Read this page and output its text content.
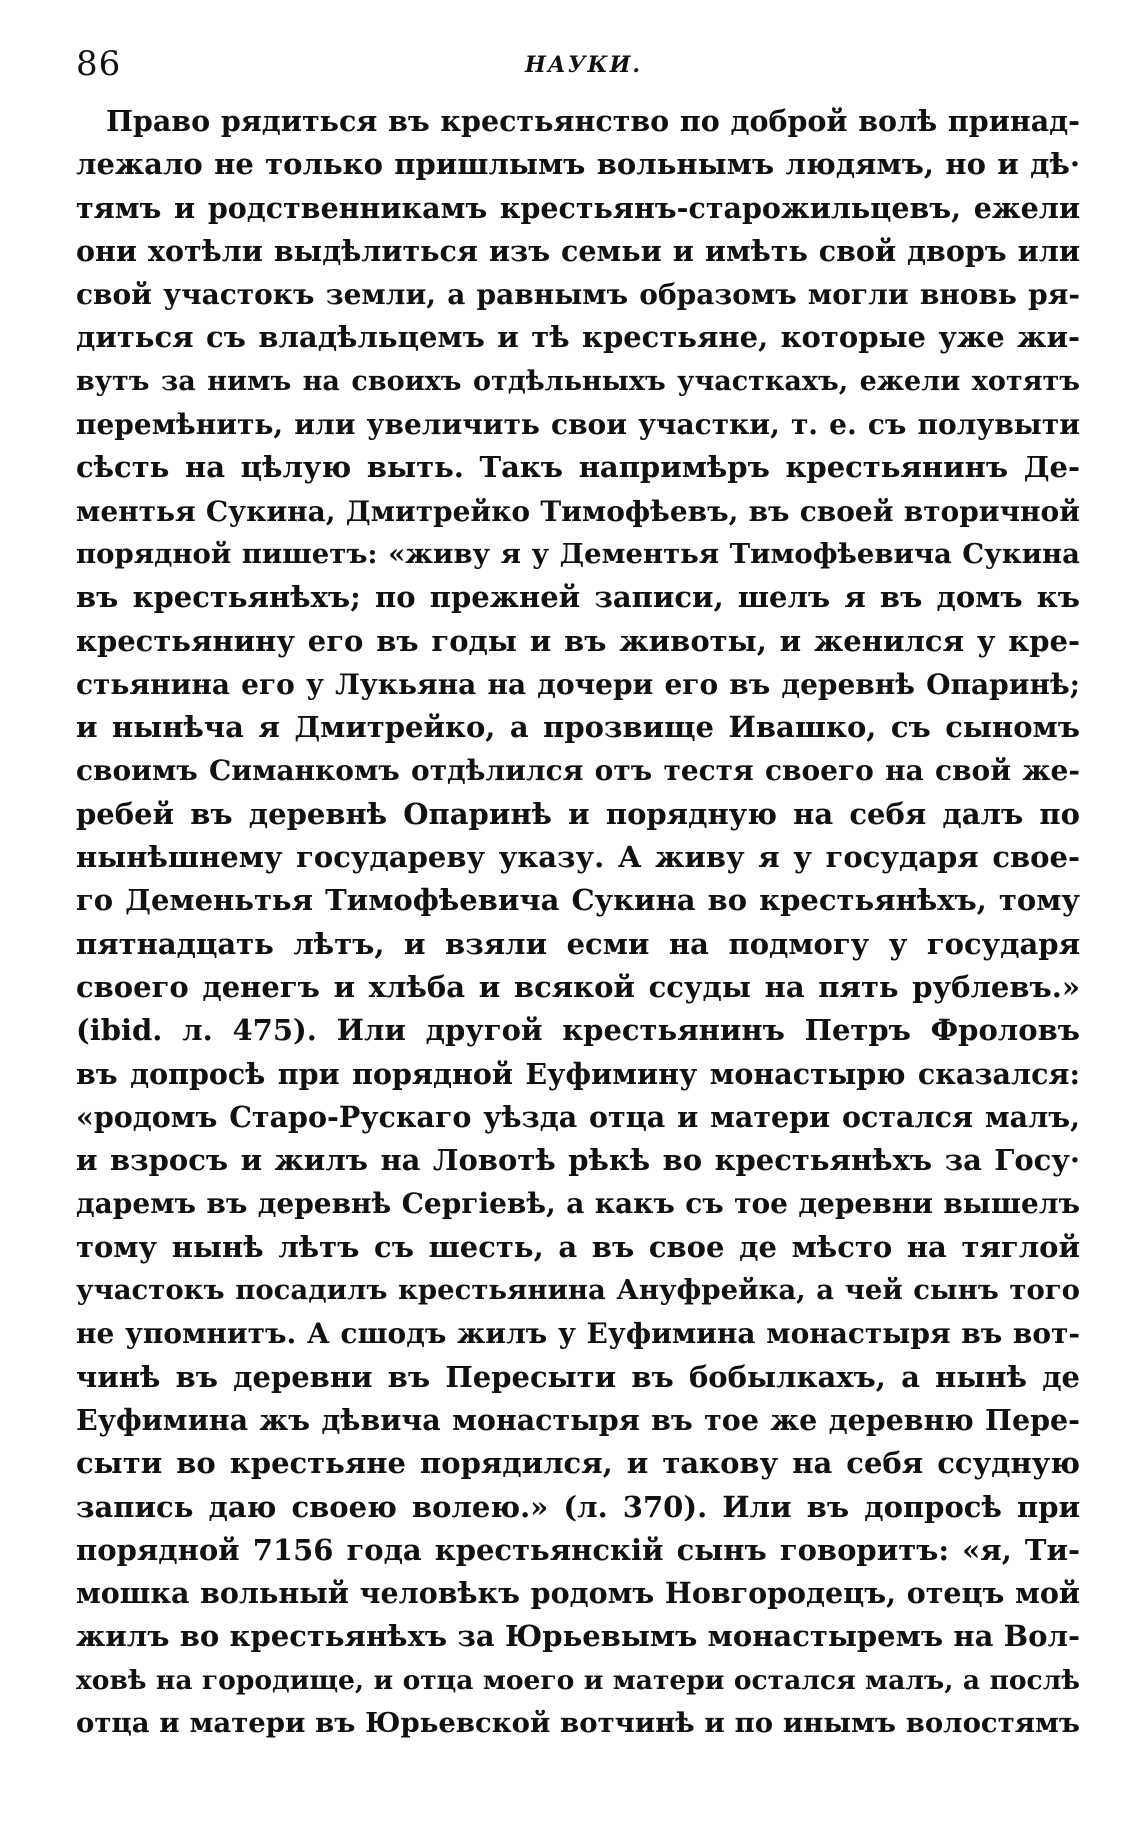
86	НАУКИ.
Право рядиться въ крестьянство по доброй волѣ принад-
лежало не только пришлымъ вольнымъ людямъ, но и дѣ·
тямъ и родственникамъ крестьянъ-старожильцевъ, ежели
они хотѣли выдѣлиться изъ семьи и имѣть свой дворъ или
свой участокъ земли, а равнымъ образомъ могли вновь ря-
диться съ владѣльцемъ и тѣ крестьяне, которые уже жи-
вутъ за нимъ на своихъ отдѣльныхъ участкахъ, ежели хотятъ
перемѣнить, или увеличить свои участки, т. е. съ полувыти
сѣсть на цѣлую выть. Такъ напримѣръ крестьянинъ Де-
ментья Сукина, Дмитрейко Тимофѣевъ, въ своей вторичной
порядной пишетъ: «живу я у Дементья Тимофѣевича Сукина
въ крестьянѣхъ; по прежней записи, шелъ я въ домъ къ
крестьянину его въ годы и въ животы, и женился у кре-
стьянина его у Лукьяна на дочери его въ деревнѣ Опаринѣ;
и нынѣча я Дмитрейко, а прозвище Ивашко, съ сыномъ
своимъ Симанкомъ отдѣлился отъ тестя своего на свой же-
ребей въ деревнѣ Опаринѣ и порядную на себя далъ по
нынѣшнему государеву указу. А живу я у государя свое-
го Деменьтья Тимофѣевича Сукина во крестьянѣхъ, тому
пятнадцать лѣтъ, и взяли есми на подмогу у государя
своего денегъ и хлѣба и всякой ссуды на пять рублевъ.»
(ibid. л. 475). Или другой крестьянинъ Петръ Фроловъ
въ допросѣ при порядной Еуфимину монастырю сказался:
«родомъ Старо-Рускаго уѣзда отца и матери остался малъ,
и взросъ и жилъ на Ловотѣ рѣкѣ во крестьянѣхъ за Госу·
даремъ въ деревнѣ Сергіевѣ, а какъ съ тое деревни вышелъ
тому нынѣ лѣтъ съ шесть, а въ свое де мѣсто на тяглой
участокъ посадилъ крестьянина Ануфрейка, а чей сынъ того
не упомнитъ. А сшодъ жилъ у Еуфимина монастыря въ вот-
чинѣ въ деревни въ Пересыти въ бобылкахъ, а нынѣ де
Еуфимина жъ дѣвича монастыря въ тое же деревню Пере-
сыти во крестьяне порядился, и такову на себя ссудную
запись даю своею волею.» (л. 370). Или въ допросѣ при
порядной 7156 года крестьянскій сынъ говоритъ: «я, Ти-
мошка вольный человѣкъ родомъ Новгородецъ, отецъ мой
жилъ во крестьянѣхъ за Юрьевымъ монастыремъ на Вол-
ховѣ на городище, и отца моего и матери остался малъ, а послѣ
отца и матери въ Юрьевской вотчинѣ и по инымъ волостямъ
